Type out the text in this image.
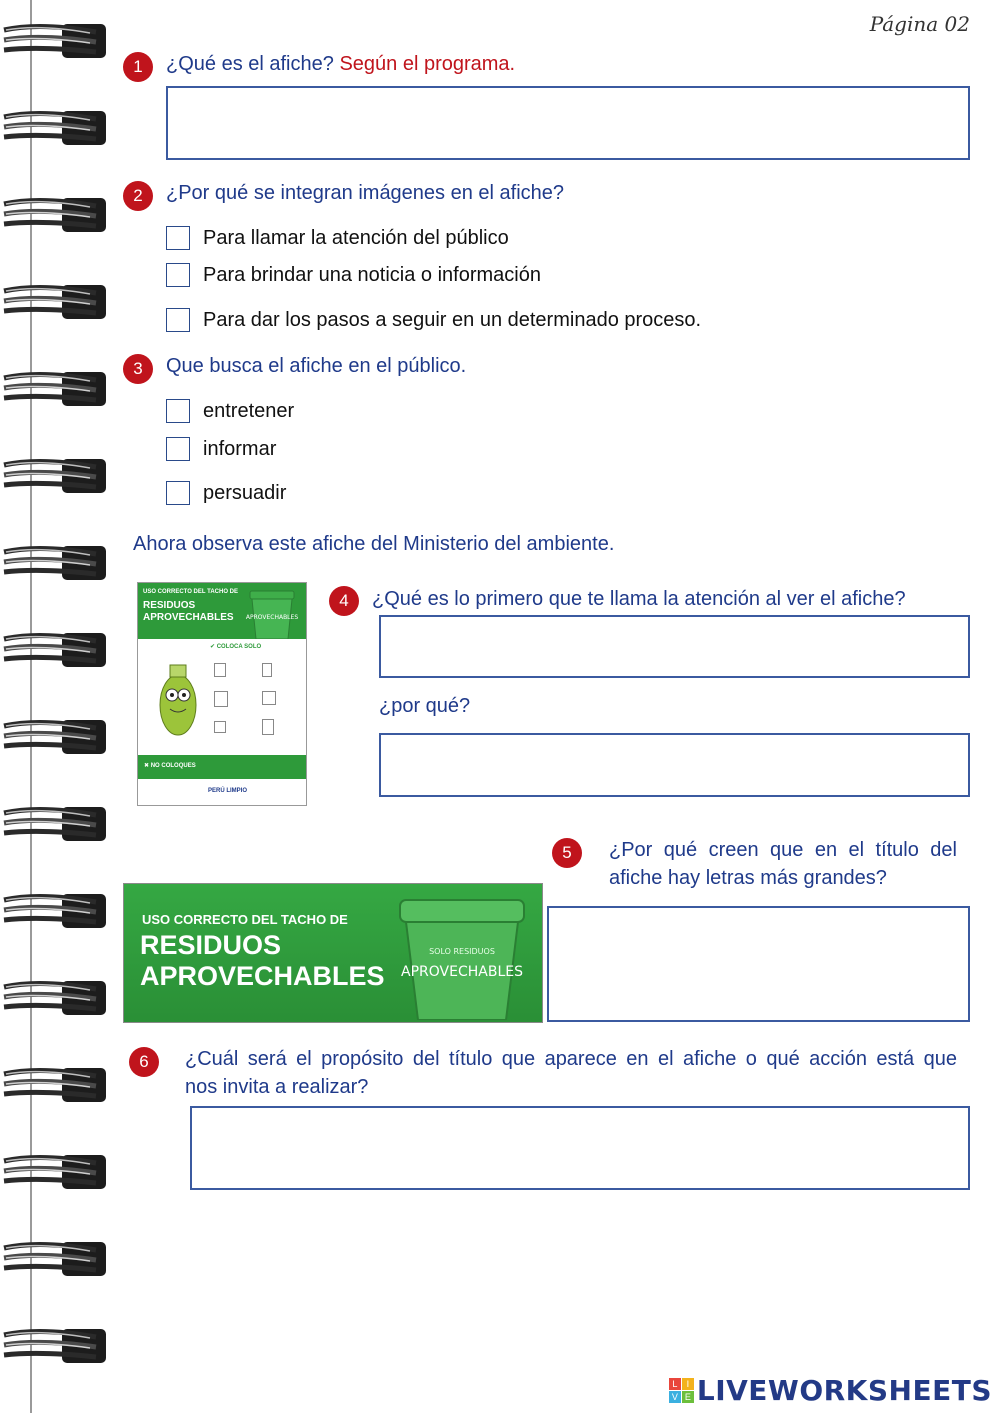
Página 02
1	¿Qué es el afiche? Según el programa.
2	¿Por qué se integran imágenes en el afiche?
Para llamar la atención del público
Para brindar una noticia o información
Para dar los pasos a seguir en un determinado proceso.
3	Que busca el afiche en el público.
entretener
informar
persuadir
Ahora observa este afiche del Ministerio del ambiente.
USO CORRECTO DEL TACHO DE
RESIDUOS
APROVECHABLES APROVECHABLES
✔ COLOCA SOLO
✖ NO COLOQUES
PERÚ LIMPIO
4	¿Qué es lo primero que te llama la atención al ver el afiche?
¿por qué?
5	¿Por qué creen que en el título del
afiche hay letras más grandes?
USO CORRECTO DEL TACHO DE
RESIDUOS
APROVECHABLES
SOLO RESIDUOS
APROVECHABLES
6	¿Cuál será el propósito del título que aparece en el afiche o qué acción está que
nos invita a realizar?
L	I
V E LIVEWORKSHEETS
